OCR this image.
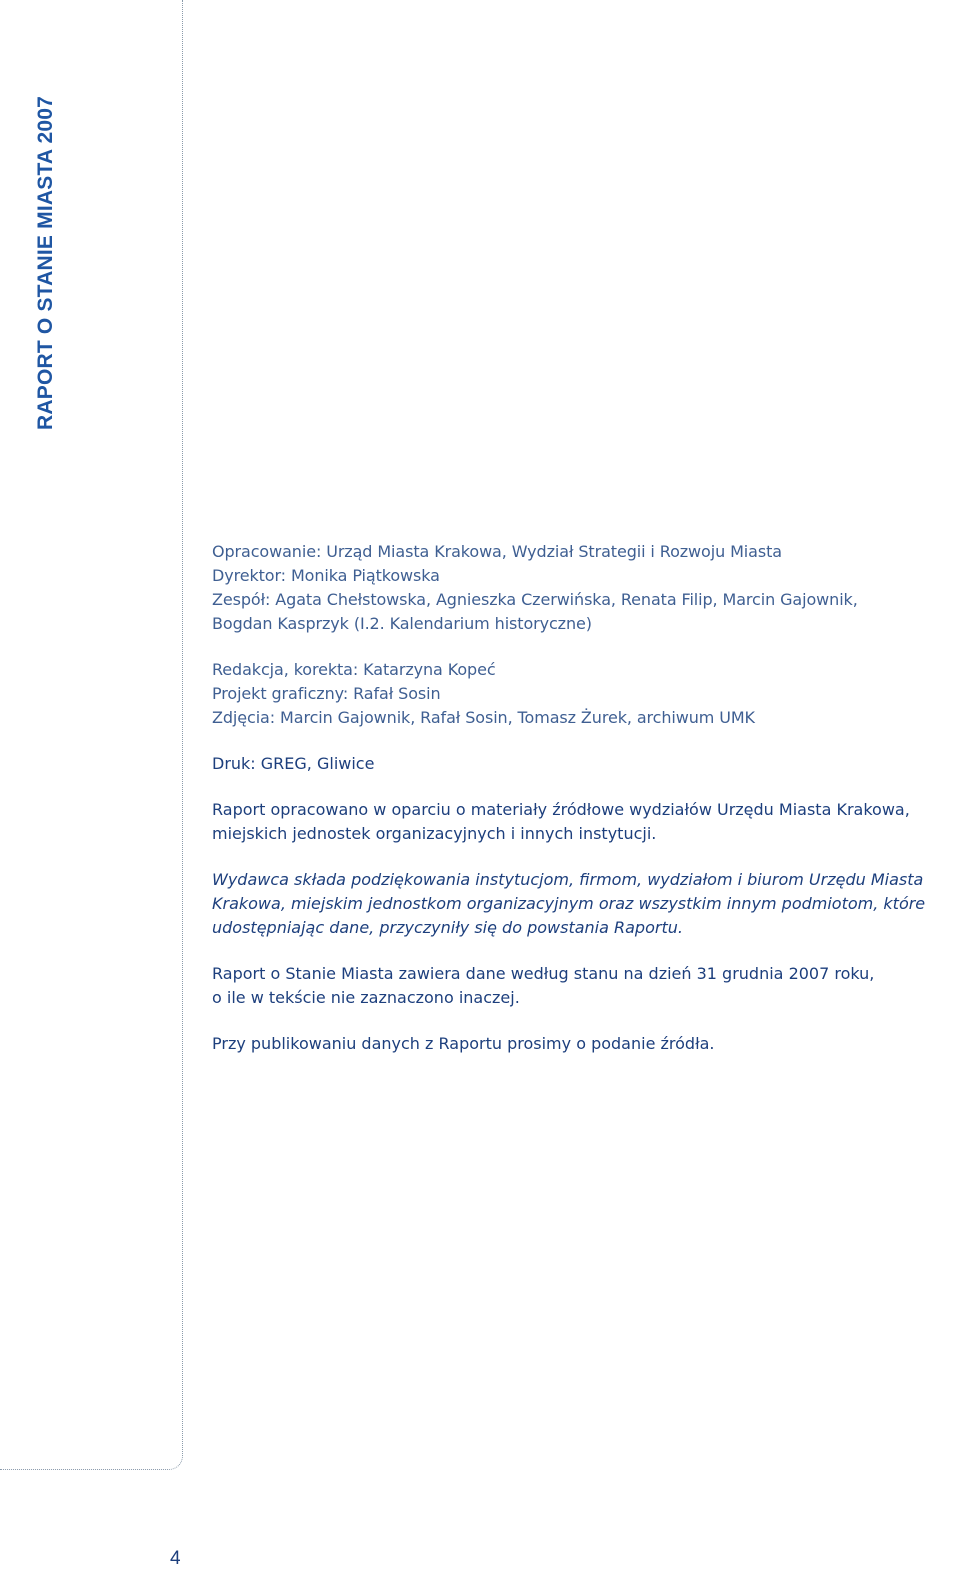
RAPORT O STANIE MIASTA 2007

Opracowanie: Urząd Miasta Krakowa, Wydział Strategii i Rozwoju Miasta

Dyrektor: Monika Piątkowska

Zespół: Agata Chełstowska, Agnieszka Czerwińska, Renata Filip, Marcin Gajownik,

Bogdan Kasprzyk (I.2. Kalendarium historyczne)

Redakcja, korekta: Katarzyna Kopeć

Projekt graficzny: Rafał Sosin

Zdjęcia: Marcin Gajownik, Rafał Sosin, Tomasz Żurek, archiwum UMK

Druk: GREG, Gliwice

Raport opracowano w oparciu o materiały źródłowe wydziałów Urzędu Miasta Krakowa,

miejskich jednostek organizacyjnych i innych instytucji.

Wydawca składa podziękowania instytucjom, firmom, wydziałom i biurom Urzędu Miasta

Krakowa, miejskim jednostkom organizacyjnym oraz wszystkim innym podmiotom, które

udostępniając dane, przyczyniły się do powstania Raportu.

Raport o Stanie Miasta zawiera dane według stanu na dzień 31 grudnia 2007 roku,

o ile w tekście nie zaznaczono inaczej.

Przy publikowaniu danych z Raportu prosimy o podanie źródła.

4
